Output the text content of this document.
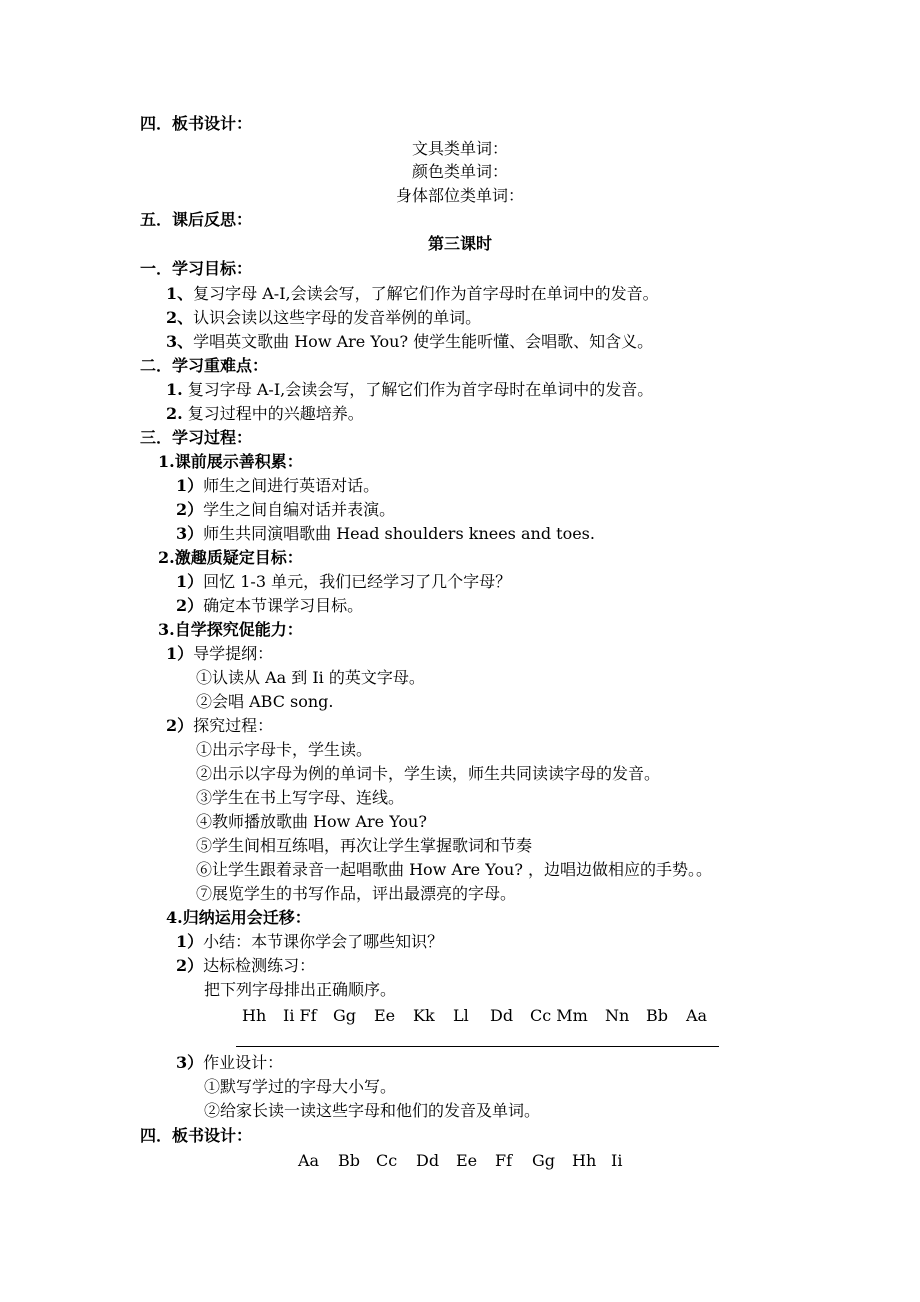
四．板书设计：
文具类单词：
颜色类单词：
身体部位类单词：
五．课后反思：
第三课时
一．学习目标：
1、复习字母 A-I,会读会写，了解它们作为首字母时在单词中的发音。
2、认识会读以这些字母的发音举例的单词。
3、学唱英文歌曲 How Are You? 使学生能听懂、会唱歌、知含义。
二．学习重难点：
1. 复习字母 A-I,会读会写，了解它们作为首字母时在单词中的发音。
2. 复习过程中的兴趣培养。
三．学习过程：
1.课前展示善积累：
1）师生之间进行英语对话。
2）学生之间自编对话并表演。
3）师生共同演唱歌曲 Head shoulders knees and toes.
2.激趣质疑定目标：
1）回忆 1-3 单元，我们已经学习了几个字母？
2）确定本节课学习目标。
3.自学探究促能力：
1）导学提纲：
①认读从 Aa 到 Ii 的英文字母。
②会唱 ABC song.
2）探究过程：
①出示字母卡，学生读。
②出示以字母为例的单词卡，学生读，师生共同读读字母的发音。
③学生在书上写字母、连线。
④教师播放歌曲 How Are You?
⑤学生间相互练唱，再次让学生掌握歌词和节奏
⑥让学生跟着录音一起唱歌曲 How Are You? ，边唱边做相应的手势。。
⑦展览学生的书写作品，评出最漂亮的字母。
4.归纳运用会迁移：
1）小结：本节课你学会了哪些知识？
2）达标检测练习：
把下列字母排出正确顺序。
Hh Ii Ff Gg Ee Kk Ll Dd Cc Mm Nn Bb Aa
3）作业设计：
①默写学过的字母大小写。
②给家长读一读这些字母和他们的发音及单词。
四．板书设计：
Aa Bb Cc Dd Ee Ff Gg Hh Ii
